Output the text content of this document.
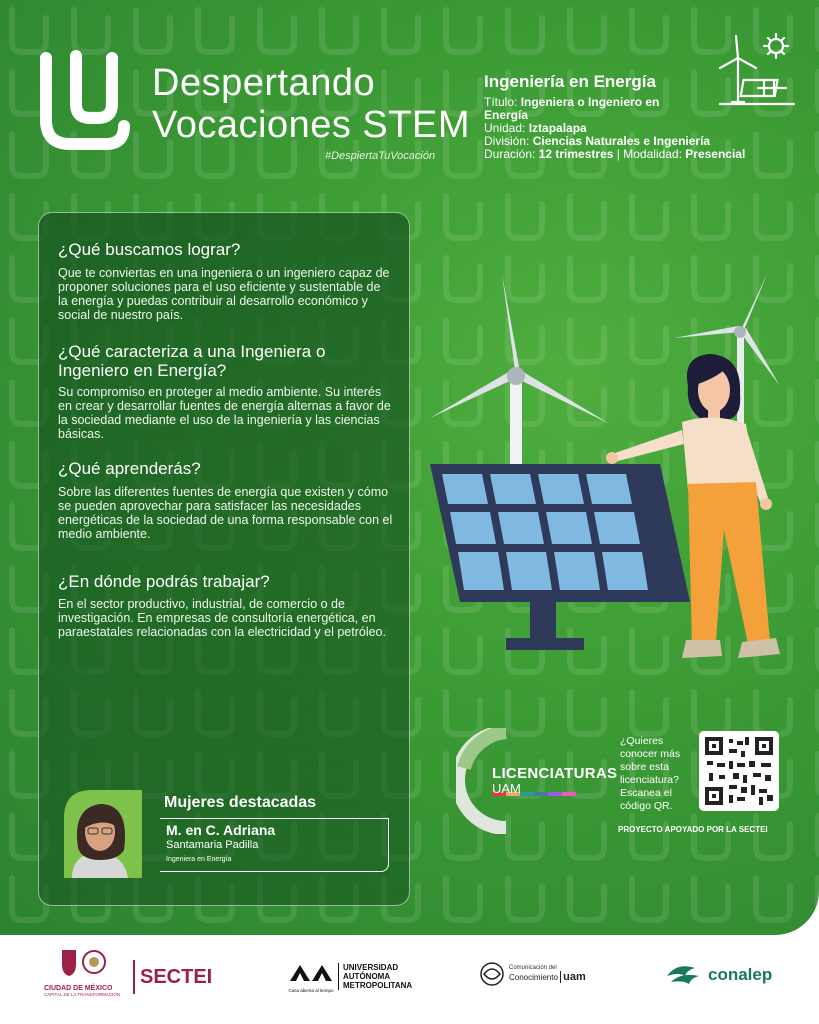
Despertando
Vocaciones STEM
#DespiertaTuVocación
Ingeniería en Energía
Título: Ingeniera o Ingeniero en Energía
Unidad: Iztapalapa
División: Ciencias Naturales e Ingeniería
Duración: 12 trimestres | Modalidad: Presencial
¿Qué buscamos lograr?
Que te conviertas en una ingeniera o un ingeniero capaz de proponer soluciones para el uso eficiente y sustentable de la energía y puedas contribuir al desarrollo económico y social de nuestro país.
¿Qué caracteriza a una Ingeniera o Ingeniero en Energía?
Su compromiso en proteger al medio ambiente. Su interés en crear y desarrollar fuentes de energía alternas a favor de la sociedad mediante el uso de la ingeniería y las ciencias básicas.
¿Qué aprenderás?
Sobre las diferentes fuentes de energía que existen y cómo se pueden aprovechar para satisfacer las necesidades energéticas de la sociedad de una forma responsable con el medio ambiente.
¿En dónde podrás trabajar?
En el sector productivo, industrial, de comercio o de investigación. En empresas de consultoría energética, en paraestatales relacionadas con la electricidad y el petróleo.
Mujeres destacadas
M. en C. Adriana
Santamaria Padilla
Ingeniera en Energía
LICENCIATURAS
UAM
¿Quieres conocer más sobre esta licenciatura? Escanea el código QR.
PROYECTO APOYADO POR LA SECTEI
CIUDAD DE MÉXICO
CAPITAL DE LA TRANSFORMACIÓN
SECTEI
Casa abierta al tiempo
UNIVERSIDAD
AUTÓNOMA
METROPOLITANA
Comunicación del
Conocimiento uam	conalep
